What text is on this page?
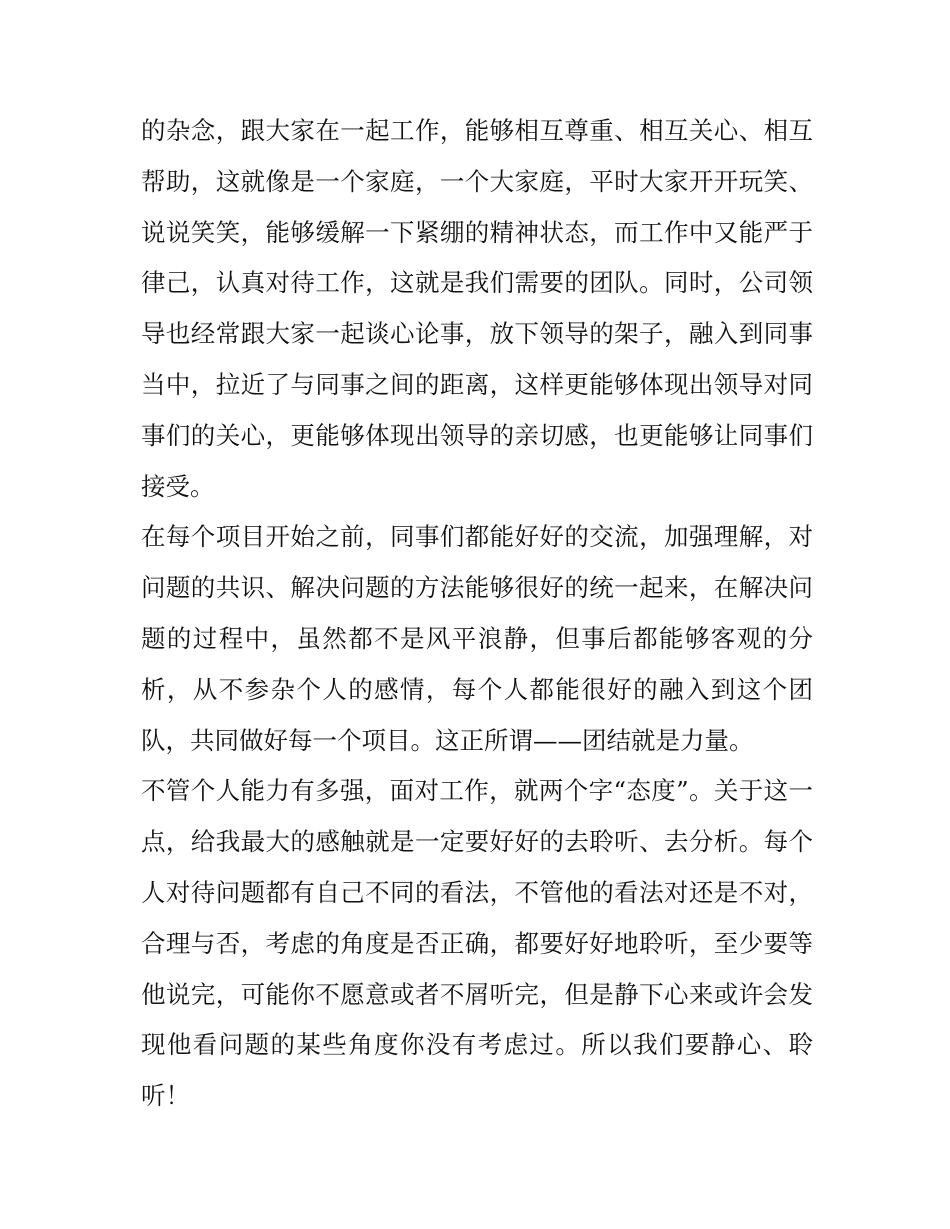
的杂念，跟大家在一起工作，能够相互尊重、相互关心、相互
帮助，这就像是一个家庭，一个大家庭，平时大家开开玩笑、
说说笑笑，能够缓解一下紧绷的精神状态，而工作中又能严于
律己，认真对待工作，这就是我们需要的团队。同时，公司领
导也经常跟大家一起谈心论事，放下领导的架子，融入到同事
当中，拉近了与同事之间的距离，这样更能够体现出领导对同
事们的关心，更能够体现出领导的亲切感，也更能够让同事们
接受。
在每个项目开始之前，同事们都能好好的交流，加强理解，对
问题的共识、解决问题的方法能够很好的统一起来，在解决问
题的过程中，虽然都不是风平浪静，但事后都能够客观的分
析，从不参杂个人的感情，每个人都能很好的融入到这个团
队，共同做好每一个项目。这正所谓——团结就是力量。
不管个人能力有多强，面对工作，就两个字“态度”。关于这一
点，给我最大的感触就是一定要好好的去聆听、去分析。每个
人对待问题都有自己不同的看法，不管他的看法对还是不对，
合理与否，考虑的角度是否正确，都要好好地聆听，至少要等
他说完，可能你不愿意或者不屑听完，但是静下心来或许会发
现他看问题的某些角度你没有考虑过。所以我们要静心、聆
听！
